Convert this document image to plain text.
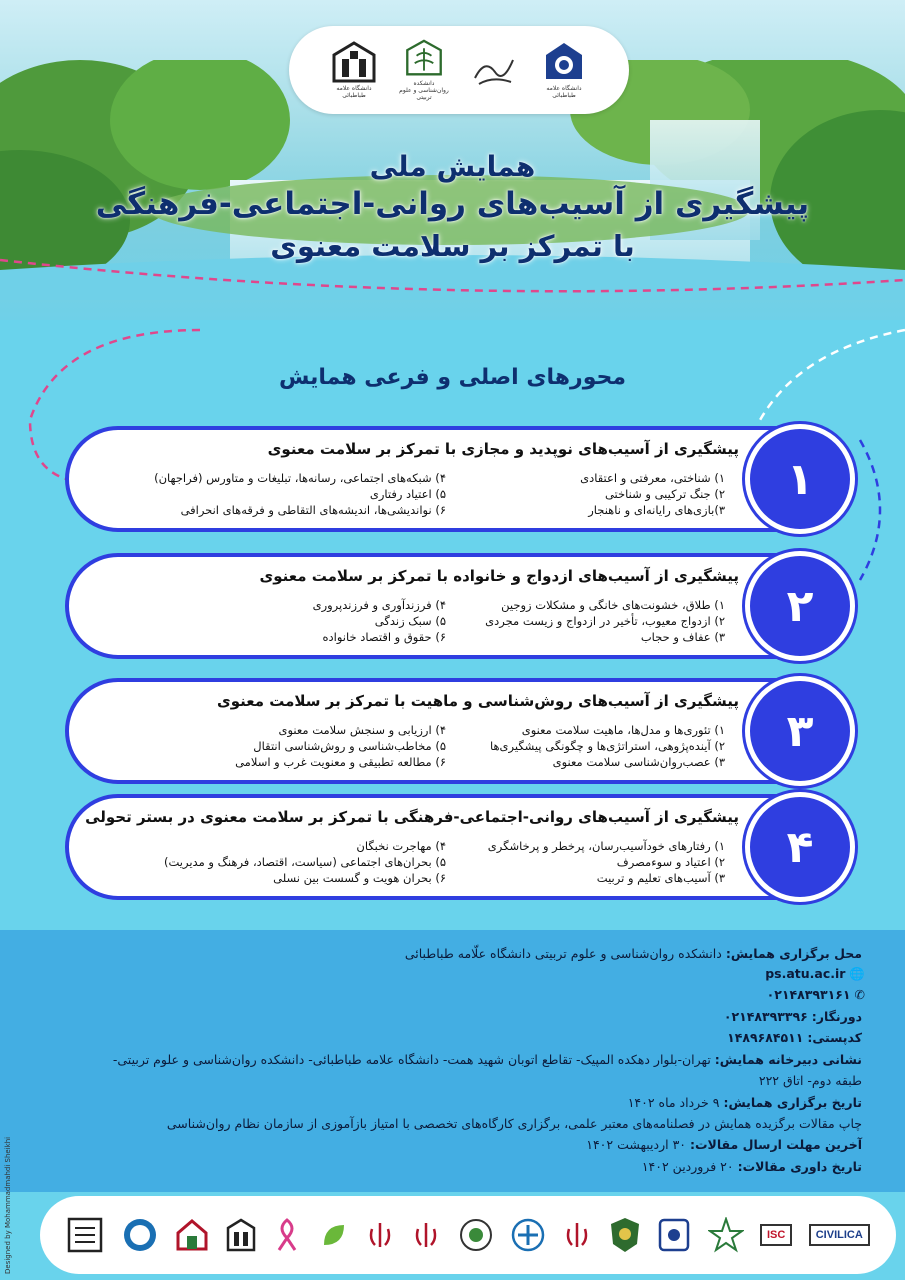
دانشگاه علامه طباطبائی
دانشکده روان‌شناسی و علوم تربیتی
دانشگاه علامه طباطبائی
همایش ملی
پیشگیری از آسیب‌های روانی-اجتماعی-فرهنگی
با تمرکز بر سلامت معنوی
محورهای اصلی و فرعی همایش
پیشگیری از آسیب‌های نوپدید و مجازی با تمرکز بر سلامت معنوی
۱) شناختی، معرفتی و اعتقادی
۲) جنگ ترکیبی و شناختی
۳)بازی‌های رایانه‌ای و ناهنجار
۴) شبکه‌های اجتماعی، رسانه‌ها، تبلیغات و متاورس (فراجهان)
۵) اعتیاد رفتاری
۶) نواندیشی‌ها، اندیشه‌های التقاطی و فرقه‌های انحرافی
۱
پیشگیری از آسیب‌های ازدواج و خانواده با تمرکز بر سلامت معنوی
۱) طلاق، خشونت‌های خانگی و مشکلات زوجین
۲) ازدواج معیوب، تأخیر در ازدواج و زیست مجردی
۳) عفاف و حجاب
۴) فرزندآوری و فرزندپروری
۵) سبک زندگی
۶) حقوق و اقتصاد خانواده
۲
پیشگیری از آسیب‌های روش‌شناسی و ماهیت با تمرکز بر سلامت معنوی
۱) تئوری‌ها و مدل‌ها، ماهیت سلامت معنوی
۲) آینده‌پژوهی، استراتژی‌ها و چگونگی پیشگیری‌ها
۳) عصب‌روان‌شناسی سلامت معنوی
۴) ارزیابی و سنجش سلامت معنوی
۵) مخاطب‌شناسی و روش‌شناسی انتقال
۶) مطالعه تطبیقی و معنویت غرب و اسلامی
۳
پیشگیری از آسیب‌های روانی-اجتماعی-فرهنگی با تمرکز بر سلامت معنوی در بستر تحولی
۱) رفتارهای خودآسیب‌رسان، پرخطر و پرخاشگری
۲) اعتیاد و سوءمصرف
۳) آسیب‌های تعلیم و تربیت
۴) مهاجرت نخبگان
۵) بحران‌های اجتماعی (سیاست، اقتصاد، فرهنگ و مدیریت)
۶) بحران هویت و گسست بین نسلی
۴
محل برگزاری همایش: دانشکده روان‌شناسی و علوم تربیتی دانشگاه علّامه طباطبائی
🌐 ps.atu.ac.ir
✆ ۰۲۱۴۸۳۹۳۱۶۱
دورنگار: ۰۲۱۴۸۳۹۳۳۹۶
کدپستی: ۱۴۸۹۶۸۴۵۱۱
نشانی دبیرخانه همایش: تهران-بلوار دهکده المپیک- تقاطع اتوبان شهید همت- دانشگاه علامه طباطبائی- دانشکده روان‌شناسی و علوم تربیتی-
طبقه دوم- اتاق ۲۲۲
تاریخ برگزاری همایش: ۹ خرداد ماه ۱۴۰۲
چاپ مقالات برگزیده همایش در فصلنامه‌های معتبر علمی، برگزاری کارگاه‌های تخصصی با امتیاز بازآموزی از سازمان نظام روان‌شناسی
آخرین مهلت ارسال مقالات: ۳۰ اردیبهشت ۱۴۰۲
تاریخ داوری مقالات: ۲۰ فروردین ۱۴۰۲
CIVILICA
ISC
Designed by Mohammadmahdi Sheikhi
